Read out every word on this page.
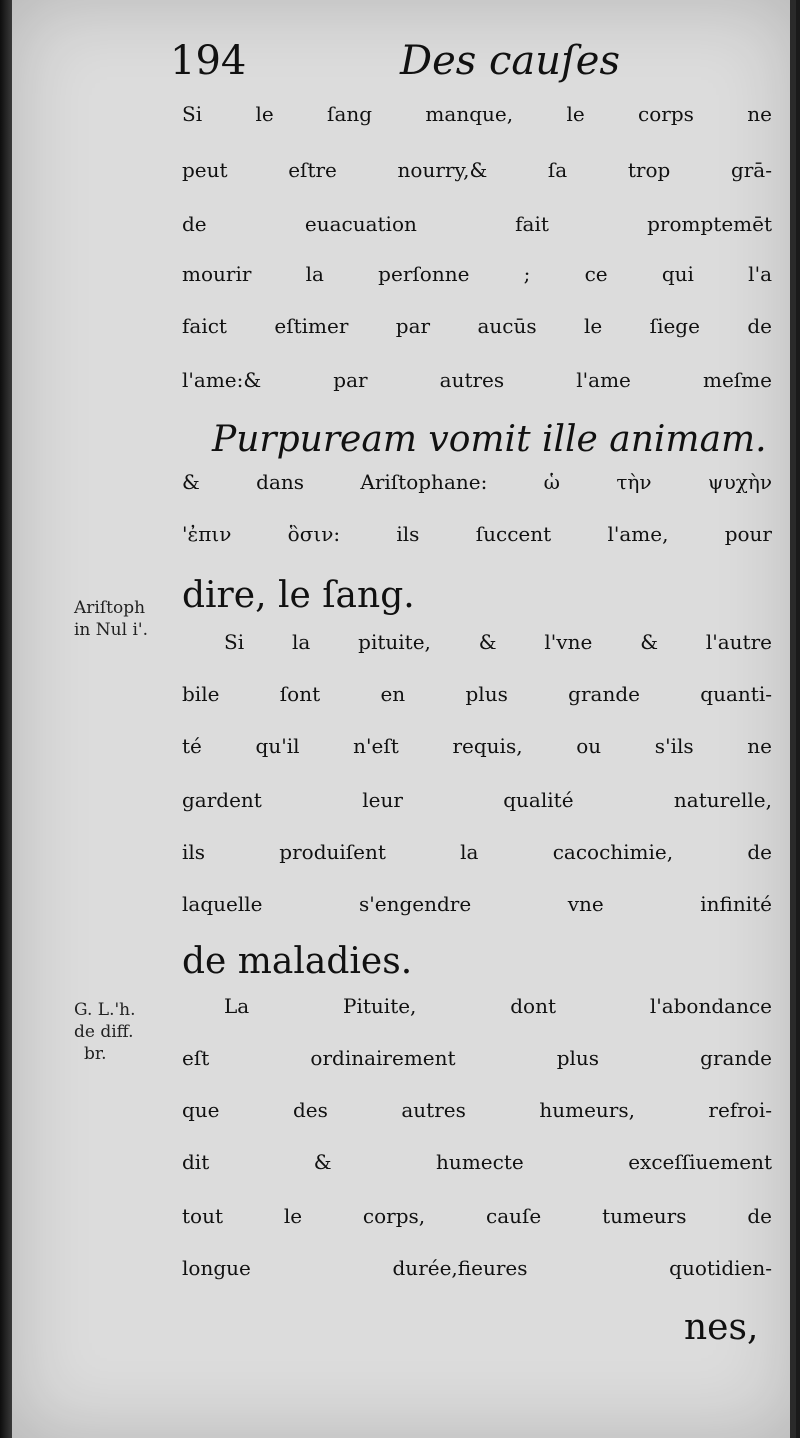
194	Des cauſes

Si le ſang manque, le corps ne

peut eſtre nourry,& ſa trop grā-

de euacuation fait promptemēt

mourir la perſonne ; ce qui l'a

faict eſtimer par aucūs le ſiege de

l'ame:& par autres l'ame meſme

Purpuream vomit ille animam.

& dans Ariſtophane: ὡ τὴν ψυχὴν

'ἐπιν ὃσιν: ils ſuccent l'ame, pour

dire, le ſang.

Si la pituite, & l'vne & l'autre

bile ſont en plus grande quanti-

té qu'il n'eſt requis, ou s'ils ne

gardent leur qualité naturelle,

ils produiſent la cacochimie, de

laquelle s'engendre vne infinité

de maladies.

La Pituite, dont l'abondance

eſt ordinairement plus grande

que des autres humeurs, refroi-

dit & humecte exceſſiuement

tout le corps, cauſe tumeurs de

longue durée,fieures quotidien-

nes,

Ariſtoph

in Nul i'.

G. L.'h.

de diff.

br.
